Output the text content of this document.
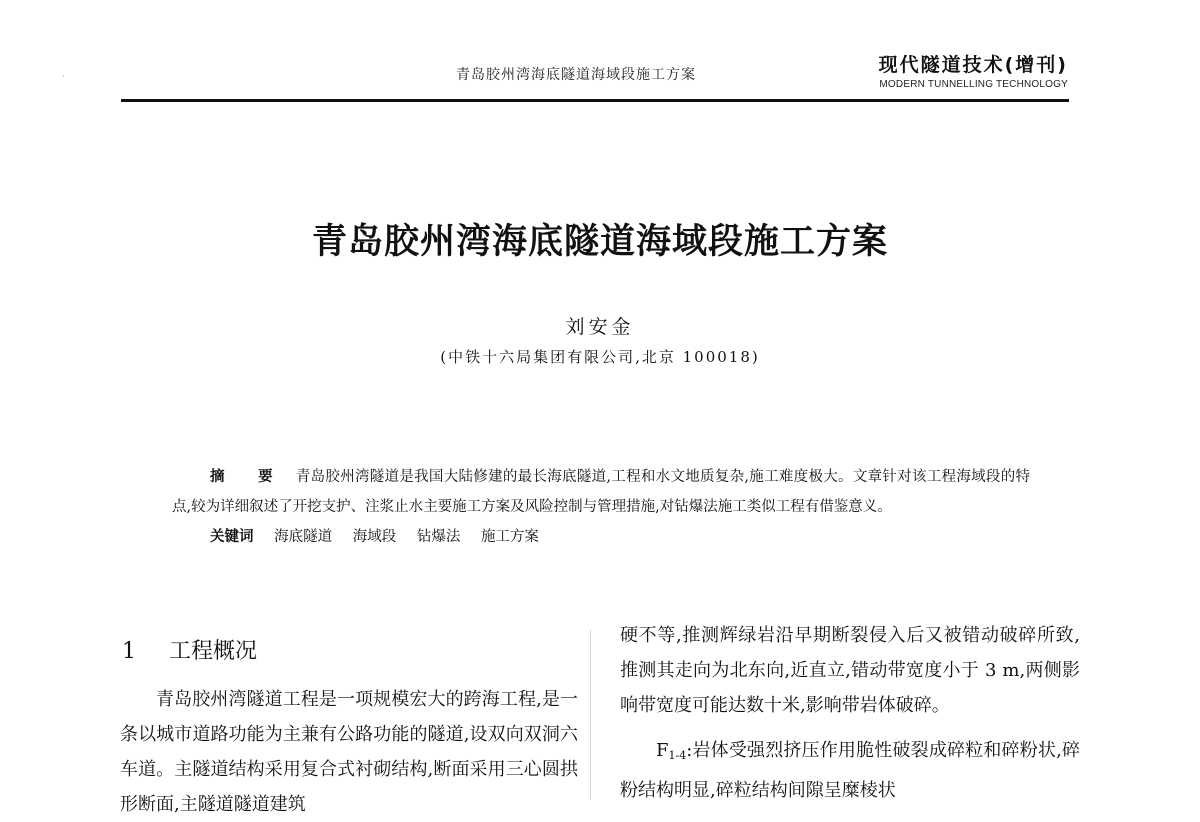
·	青岛胶州湾海底隧道海域段施工方案	现代隧道技术(增刊)
MODERN TUNNELLING TECHNOLOGY
青岛胶州湾海底隧道海域段施工方案
刘安金
(中铁十六局集团有限公司,北京 100018)
摘 要 青岛胶州湾隧道是我国大陆修建的最长海底隧道,工程和水文地质复杂,施工难度极大。文章针对该工程海域段的特点,较为详细叙述了开挖支护、注浆止水主要施工方案及风险控制与管理措施,对钻爆法施工类似工程有借鉴意义。
关键词 海底隧道 海域段 钻爆法 施工方案
1 工程概况
青岛胶州湾隧道工程是一项规模宏大的跨海工程,是一条以城市道路功能为主兼有公路功能的隧道,设双向双洞六车道。主隧道结构采用复合式衬砌结构,断面采用三心圆拱形断面,主隧道隧道建筑
硬不等,推测辉绿岩沿早期断裂侵入后又被错动破碎所致,推测其走向为北东向,近直立,错动带宽度小于 3 m,两侧影响带宽度可能达数十米,影响带岩体破碎。
$F_{1-4}$:岩体受强烈挤压作用脆性破裂成碎粒和碎粉状,碎粉结构明显,碎粒结构间隙呈糜棱状
